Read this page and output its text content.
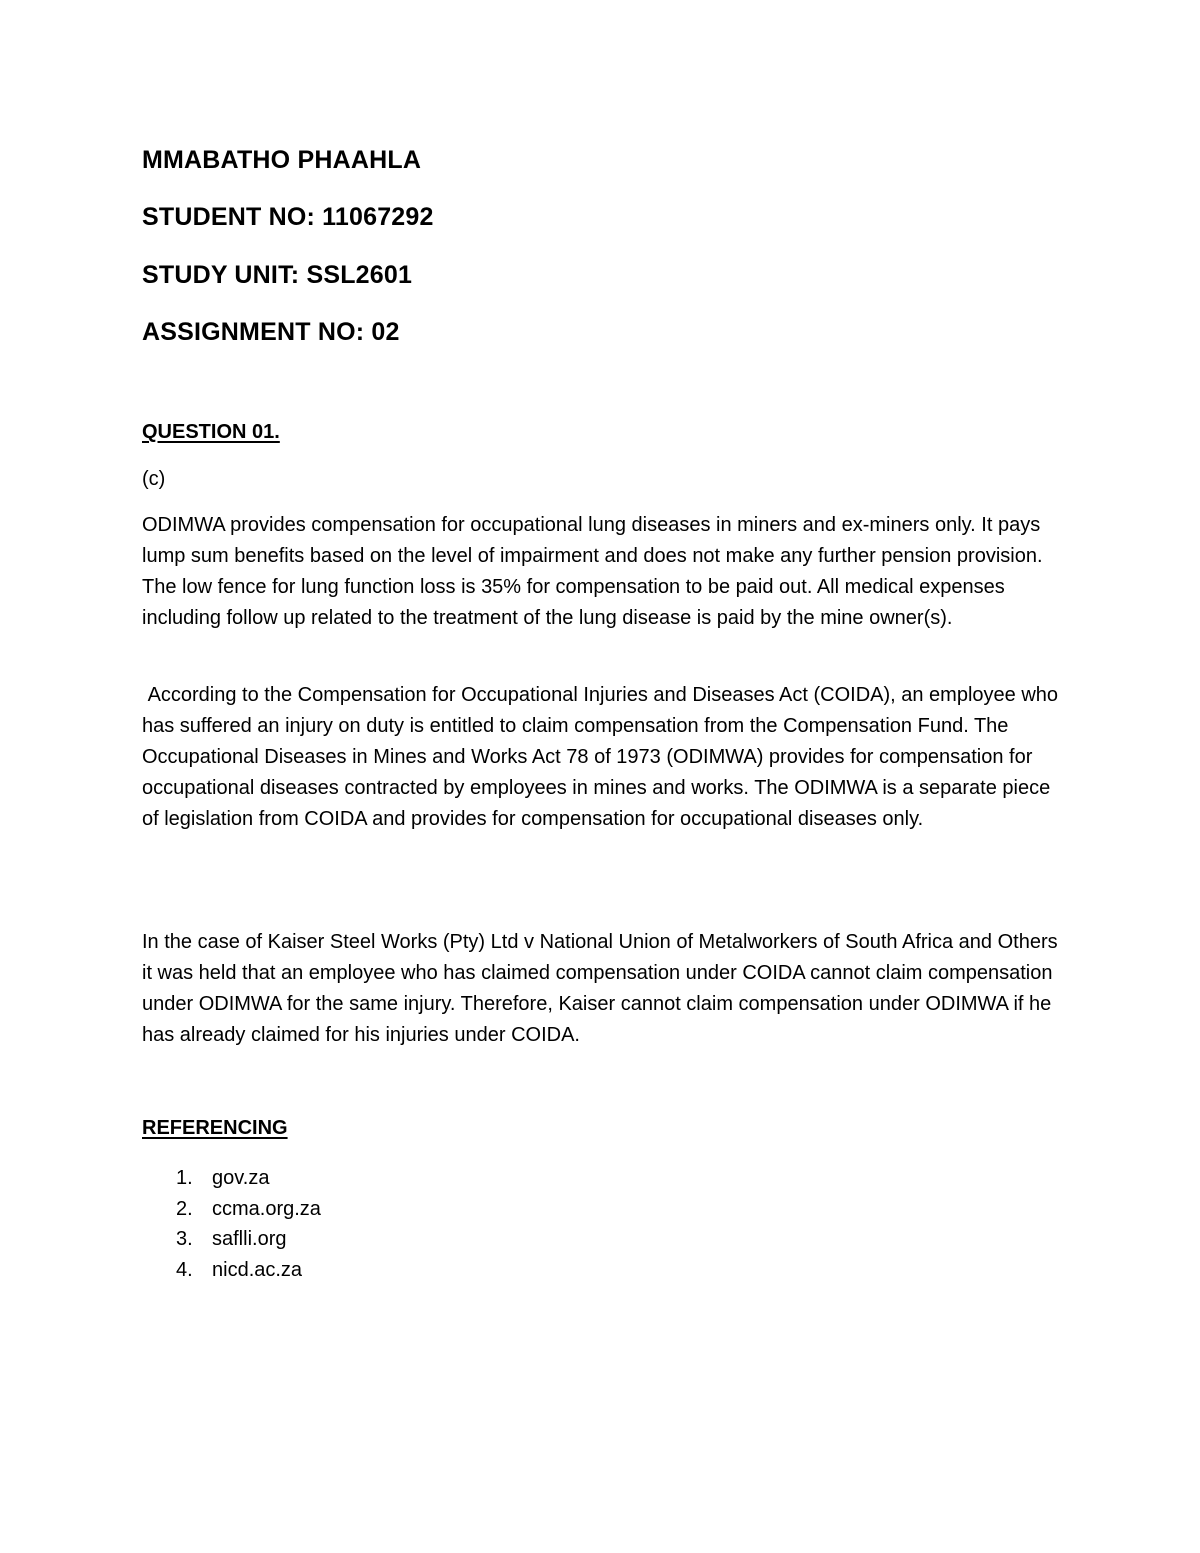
MMABATHO PHAAHLA
STUDENT NO: 11067292
STUDY UNIT: SSL2601
ASSIGNMENT NO: 02
QUESTION 01.
(c)

ODIMWA provides compensation for occupational lung diseases in miners and ex-miners only. It pays lump sum benefits based on the level of impairment and does not make any further pension provision. The low fence for lung function loss is 35% for compensation to be paid out. All medical expenses including follow up related to the treatment of the lung disease is paid by the mine owner(s).

According to the Compensation for Occupational Injuries and Diseases Act (COIDA), an employee who has suffered an injury on duty is entitled to claim compensation from the Compensation Fund. The Occupational Diseases in Mines and Works Act 78 of 1973 (ODIMWA) provides for compensation for occupational diseases contracted by employees in mines and works. The ODIMWA is a separate piece of legislation from COIDA and provides for compensation for occupational diseases only.

In the case of Kaiser Steel Works (Pty) Ltd v National Union of Metalworkers of South Africa and Others it was held that an employee who has claimed compensation under COIDA cannot claim compensation under ODIMWA for the same injury. Therefore, Kaiser cannot claim compensation under ODIMWA if he has already claimed for his injuries under COIDA.

REFERENCING
1. gov.za
2. ccma.org.za
3. saflli.org
4. nicd.ac.za
